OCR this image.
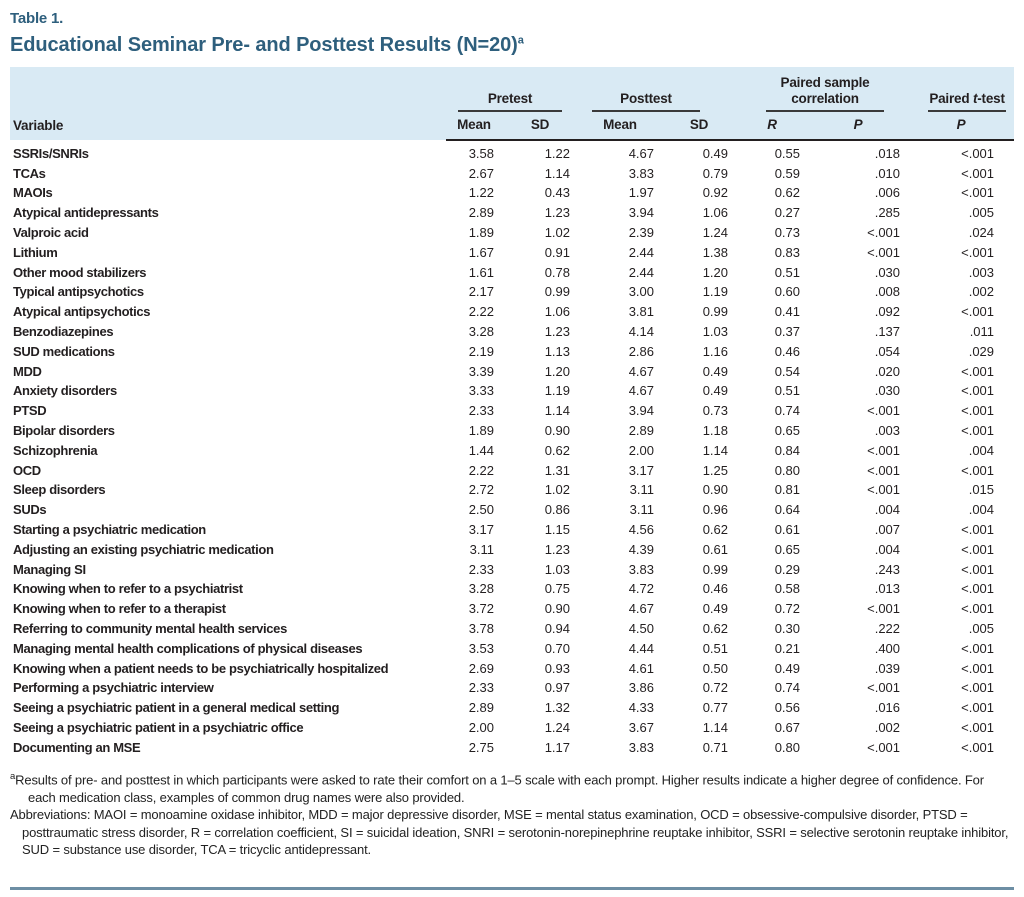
Table 1.
Educational Seminar Pre- and Posttest Results (N=20)$^a$
Variable	Pretest		Posttest		Paired sample correlation		Paired t-test

	Mean	SD	Mean	SD	R	P	P
SSRIs/SNRIs	3.58	1.22	4.67	0.49	0.55	.018	<.001
TCAs	2.67	1.14	3.83	0.79	0.59	.010	<.001
MAOIs	1.22	0.43	1.97	0.92	0.62	.006	<.001
Atypical antidepressants	2.89	1.23	3.94	1.06	0.27	.285	.005
Valproic acid	1.89	1.02	2.39	1.24	0.73	<.001	.024
Lithium	1.67	0.91	2.44	1.38	0.83	<.001	<.001
Other mood stabilizers	1.61	0.78	2.44	1.20	0.51	.030	.003
Typical antipsychotics	2.17	0.99	3.00	1.19	0.60	.008	.002
Atypical antipsychotics	2.22	1.06	3.81	0.99	0.41	.092	<.001
Benzodiazepines	3.28	1.23	4.14	1.03	0.37	.137	.011
SUD medications	2.19	1.13	2.86	1.16	0.46	.054	.029
MDD	3.39	1.20	4.67	0.49	0.54	.020	<.001
Anxiety disorders	3.33	1.19	4.67	0.49	0.51	.030	<.001
PTSD	2.33	1.14	3.94	0.73	0.74	<.001	<.001
Bipolar disorders	1.89	0.90	2.89	1.18	0.65	.003	<.001
Schizophrenia	1.44	0.62	2.00	1.14	0.84	<.001	.004
OCD	2.22	1.31	3.17	1.25	0.80	<.001	<.001
Sleep disorders	2.72	1.02	3.11	0.90	0.81	<.001	.015
SUDs	2.50	0.86	3.11	0.96	0.64	.004	.004
Starting a psychiatric medication	3.17	1.15	4.56	0.62	0.61	.007	<.001
Adjusting an existing psychiatric medication	3.11	1.23	4.39	0.61	0.65	.004	<.001
Managing SI	2.33	1.03	3.83	0.99	0.29	.243	<.001
Knowing when to refer to a psychiatrist	3.28	0.75	4.72	0.46	0.58	.013	<.001
Knowing when to refer to a therapist	3.72	0.90	4.67	0.49	0.72	<.001	<.001
Referring to community mental health services	3.78	0.94	4.50	0.62	0.30	.222	.005
Managing mental health complications of physical diseases	3.53	0.70	4.44	0.51	0.21	.400	<.001
Knowing when a patient needs to be psychiatrically hospitalized	2.69	0.93	4.61	0.50	0.49	.039	<.001
Performing a psychiatric interview	2.33	0.97	3.86	0.72	0.74	<.001	<.001
Seeing a psychiatric patient in a general medical setting	2.89	1.32	4.33	0.77	0.56	.016	<.001
Seeing a psychiatric patient in a psychiatric office	2.00	1.24	3.67	1.14	0.67	.002	<.001
Documenting an MSE	2.75	1.17	3.83	0.71	0.80	<.001	<.001

$^a$Results of pre- and posttest in which participants were asked to rate their comfort on a 1–5 scale with each prompt. Higher results indicate a higher degree of confidence. For each medication class, examples of common drug names were also provided.

Abbreviations: MAOI = monoamine oxidase inhibitor, MDD = major depressive disorder, MSE = mental status examination, OCD = obsessive-compulsive disorder, PTSD = posttraumatic stress disorder, R = correlation coefficient, SI = suicidal ideation, SNRI = serotonin-norepinephrine reuptake inhibitor, SSRI = selective serotonin reuptake inhibitor, SUD = substance use disorder, TCA = tricyclic antidepressant.
